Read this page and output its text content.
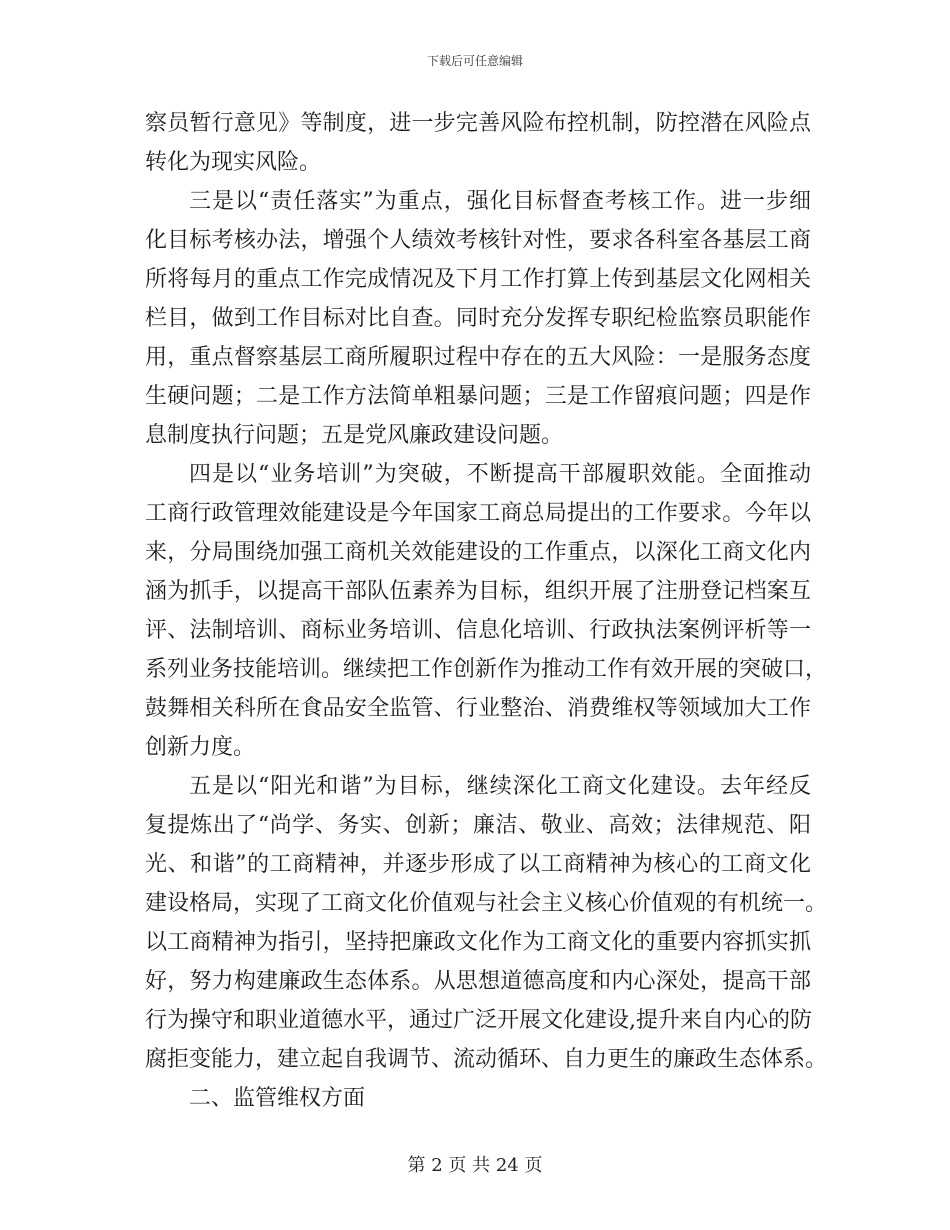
下载后可任意编辑
察员暂行意见》等制度，进一步完善风险布控机制，防控潜在风险点
转化为现实风险。
三是以“责任落实”为重点，强化目标督查考核工作。进一步细
化目标考核办法，增强个人绩效考核针对性，要求各科室各基层工商
所将每月的重点工作完成情况及下月工作打算上传到基层文化网相关
栏目，做到工作目标对比自查。同时充分发挥专职纪检监察员职能作
用，重点督察基层工商所履职过程中存在的五大风险：一是服务态度
生硬问题；二是工作方法简单粗暴问题；三是工作留痕问题；四是作
息制度执行问题；五是党风廉政建设问题。
四是以“业务培训”为突破，不断提高干部履职效能。全面推动
工商行政管理效能建设是今年国家工商总局提出的工作要求。今年以
来，分局围绕加强工商机关效能建设的工作重点，以深化工商文化内
涵为抓手，以提高干部队伍素养为目标，组织开展了注册登记档案互
评、法制培训、商标业务培训、信息化培训、行政执法案例评析等一
系列业务技能培训。继续把工作创新作为推动工作有效开展的突破口，
鼓舞相关科所在食品安全监管、行业整治、消费维权等领域加大工作
创新力度。
五是以“阳光和谐”为目标，继续深化工商文化建设。去年经反
复提炼出了“尚学、务实、创新；廉洁、敬业、高效；法律规范、阳
光、和谐”的工商精神，并逐步形成了以工商精神为核心的工商文化
建设格局，实现了工商文化价值观与社会主义核心价值观的有机统一。
以工商精神为指引，坚持把廉政文化作为工商文化的重要内容抓实抓
好，努力构建廉政生态体系。从思想道德高度和内心深处，提高干部
行为操守和职业道德水平，通过广泛开展文化建设,提升来自内心的防
腐拒变能力，建立起自我调节、流动循环、自力更生的廉政生态体系。
二、监管维权方面
第 2 页 共 24 页
